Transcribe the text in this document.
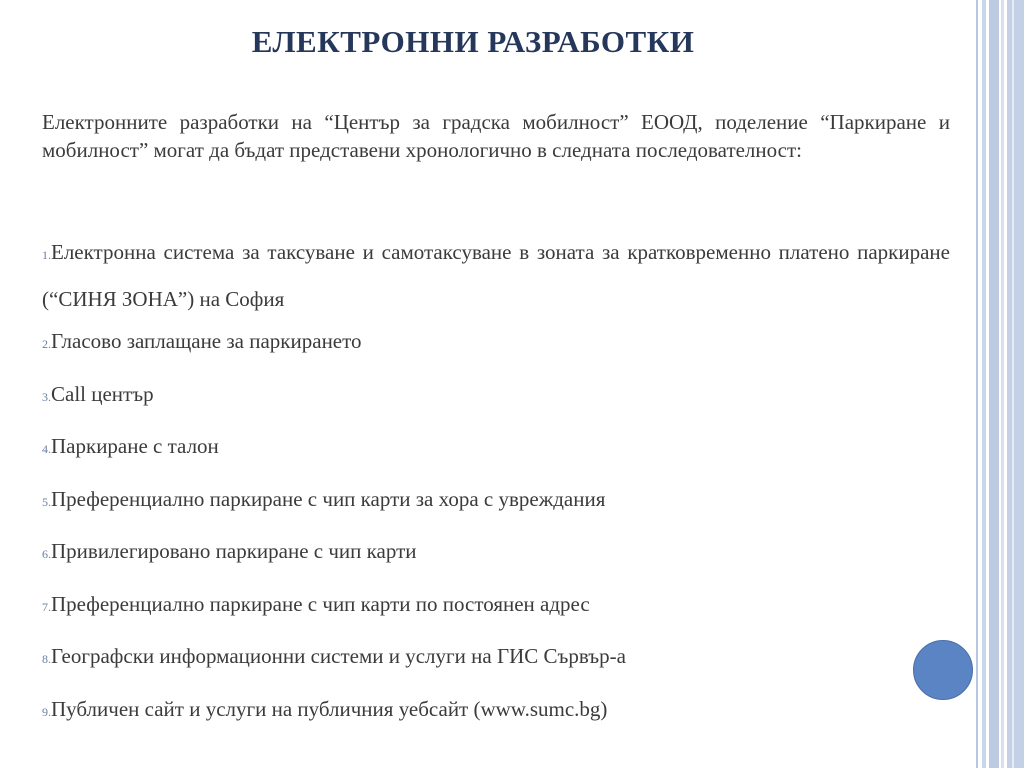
ЕЛЕКТРОННИ РАЗРАБОТКИ
Електронните разработки на “Център за градска мобилност” ЕООД, поделение “Паркиране и мобилност” могат да бъдат представени хронологично в следната последователност:
1.Електронна система за таксуване и самотаксуване в зоната за кратковременно платено паркиране (“СИНЯ ЗОНА”) на София
2.Гласово заплащане за паркирането
3.Call център
4.Паркиране с талон
5.Преференциално паркиране с чип карти за хора с увреждания
6.Привилегировано паркиране с чип карти
7.Преференциално паркиране с чип карти по постоянен адрес
8.Географски информационни системи и услуги на ГИС Сървър-а
9.Публичен сайт и услуги на публичния уебсайт (www.sumc.bg)
